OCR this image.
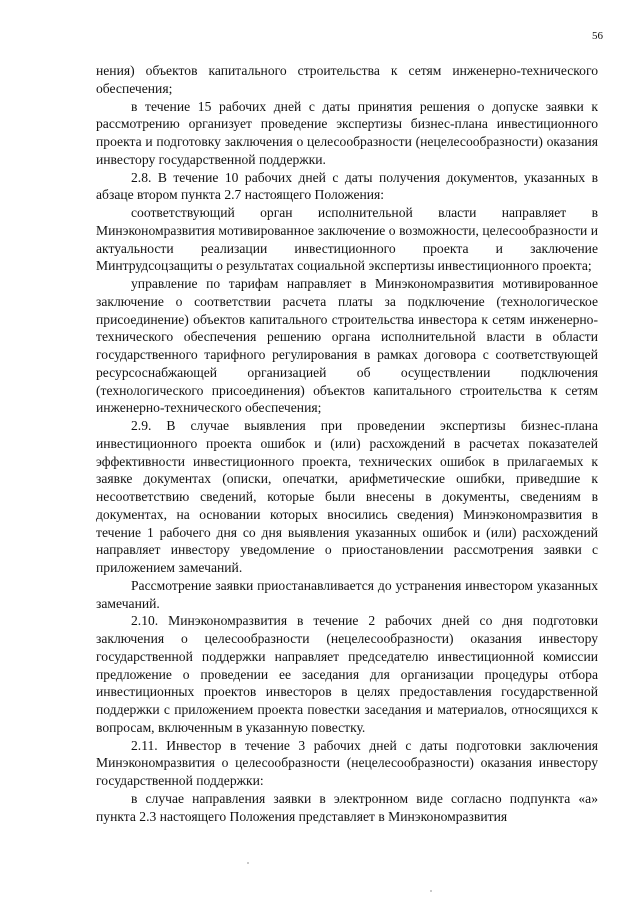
56

нения) объектов капитального строительства к сетям инженерно-технического обеспечения;

в течение 15 рабочих дней с даты принятия решения о допуске заявки к рассмотрению организует проведение экспертизы бизнес-плана инвестиционного проекта и подготовку заключения о целесообразности (нецелесообразности) оказания инвестору государственной поддержки.

2.8. В течение 10 рабочих дней с даты получения документов, указанных в абзаце втором пункта 2.7 настоящего Положения:

соответствующий орган исполнительной власти направляет в Минэкономразвития мотивированное заключение о возможности, целесообразности и актуальности реализации инвестиционного проекта и заключение Минтрудсоцзащиты о результатах социальной экспертизы инвестиционного проекта;

управление по тарифам направляет в Минэкономразвития мотивированное заключение о соответствии расчета платы за подключение (технологическое присоединение) объектов капитального строительства инвестора к сетям инженерно-технического обеспечения решению органа исполнительной власти в области государственного тарифного регулирования в рамках договора с соответствующей ресурсоснабжающей организацией об осуществлении подключения (технологического присоединения) объектов капитального строительства к сетям инженерно-технического обеспечения;

2.9. В случае выявления при проведении экспертизы бизнес-плана инвестиционного проекта ошибок и (или) расхождений в расчетах показателей эффективности инвестиционного проекта, технических ошибок в прилагаемых к заявке документах (описки, опечатки, арифметические ошибки, приведшие к несоответствию сведений, которые были внесены в документы, сведениям в документах, на основании которых вносились сведения) Минэкономразвития в течение 1 рабочего дня со дня выявления указанных ошибок и (или) расхождений направляет инвестору уведомление о приостановлении рассмотрения заявки с приложением замечаний.

Рассмотрение заявки приостанавливается до устранения инвестором указанных замечаний.

2.10. Минэкономразвития в течение 2 рабочих дней со дня подготовки заключения о целесообразности (нецелесообразности) оказания инвестору государственной поддержки направляет председателю инвестиционной комиссии предложение о проведении ее заседания для организации процедуры отбора инвестиционных проектов инвесторов в целях предоставления государственной поддержки с приложением проекта повестки заседания и материалов, относящихся к вопросам, включенным в указанную повестку.

2.11. Инвестор в течение 3 рабочих дней с даты подготовки заключения Минэкономразвития о целесообразности (нецелесообразности) оказания инвестору государственной поддержки:

в случае направления заявки в электронном виде согласно подпункта «а» пункта 2.3 настоящего Положения представляет в Минэкономразвития
